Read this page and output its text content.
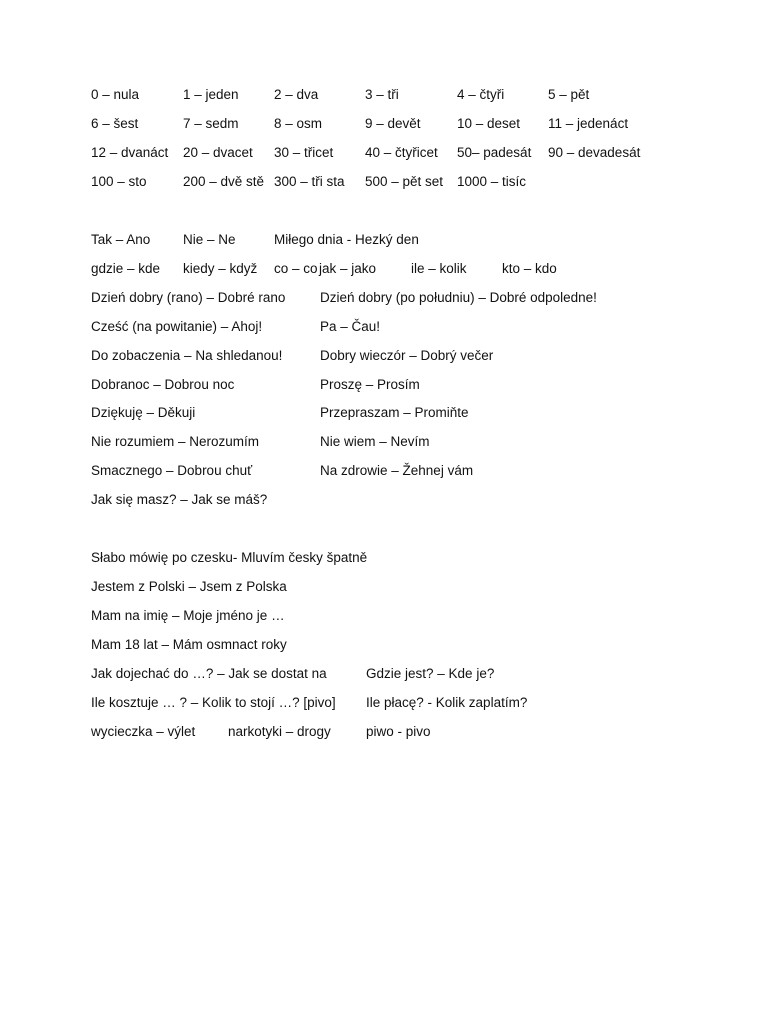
0 – nula	1 – jeden	2 – dva	3 – tři	4 – čtyři	5 – pět
6 – šest	7 – sedm	8 – osm	9 – devět	10 – deset 11 – jedenáct
12 – dvanáct 20 – dvacet 30 – třicet 40 – čtyřicet 50– padesát 90 – devadesát
100 – sto	200 – dvě stě 300 – tři sta 500 – pět set 1000 – tisíc
Tak – Ano Nie – Ne	Miłego dnia - Hezký den
gdzie – kde kiedy – když co – co jak – jako	ile – kolik	kto – kdo
Dzień dobry (rano) – Dobré rano	Dzień dobry (po południu) – Dobré odpoledne!
Cześć (na powitanie) – Ahoj!	Pa – Čau!
Do zobaczenia – Na shledanou!	Dobry wieczór – Dobrý večer
Dobranoc – Dobrou noc	Proszę – Prosím
Dziękuję – Děkuji	Przepraszam – Promiňte
Nie rozumiem – Nerozumím	Nie wiem – Nevím
Smacznego – Dobrou chuť	Na zdrowie – Žehnej vám
Jak się masz? – Jak se máš?
Słabo mówię po czesku- Mluvím česky špatně
Jestem z Polski – Jsem z Polska
Mam na imię – Moje jméno je …
Mam 18 lat – Mám osmnact roky
Jak dojechać do …? – Jak se dostat na	Gdzie jest? – Kde je?
Ile kosztuje … ? – Kolik to stojí …? [pivo] Ile płacę? - Kolik zaplatím?
wycieczka – výlet narkotyki – drogy	piwo - pivo
